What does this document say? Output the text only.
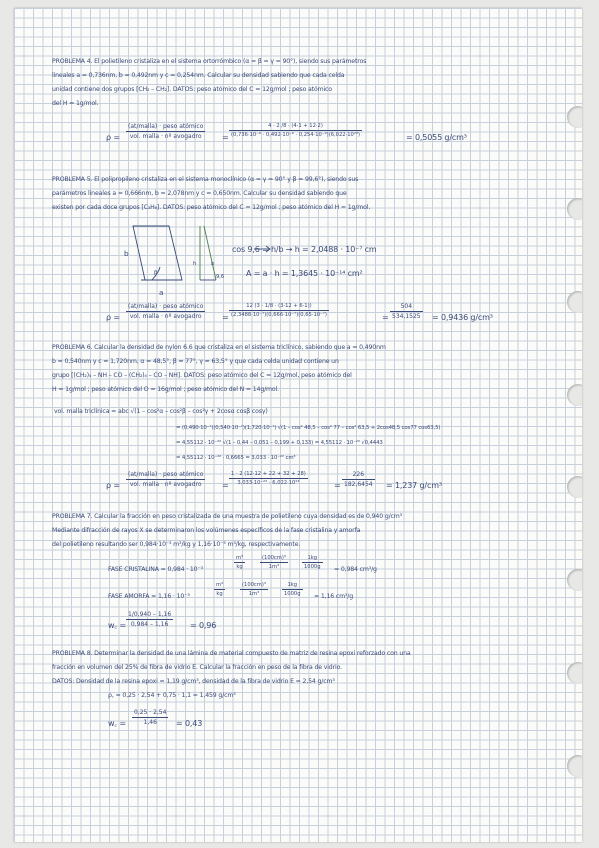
PROBLEMA 4. El polietileno cristaliza en el sistema ortorrómbico (α = β = γ = 90°), siendo sus parámetros
lineales a = 0,736nm, b = 0,492nm y c = 0,254nm. Calcular su densidad sabiendo que cada celda
unidad contiene dos grupos [CH₂ – CH₂]. DATOS: peso atómico del C = 12g/mol ; peso atómico
del H = 1g/mol.
ρ =
(at/malla) · peso atómico
vol. malla · nº avogadro	=
4 · 2 /8 · (4·1 + 12·2)
(0,736·10⁻⁹ · 0,492·10⁻⁹ · 0,254·10⁻⁹)(6,022·10²³)	= 0,5055 g/cm³
PROBLEMA 5. El polipropileno cristaliza en el sistema monoclínico (α = γ = 90° y β = 99,6°), siendo sus
parámetros lineales a = 0,666nm, b = 2,078nm y c = 0,650nm. Calcular su densidad sabiendo que
existen por cada doce grupos [C₃H₆]. DATOS: peso atómico del C = 12g/mol ; peso atómico del H = 1g/mol.
b
a
β
h	b
9,6
cos 9,6 = h/b → h = 2,0488 · 10⁻⁷ cm
A = a · h = 1,3645 · 10⁻¹⁴ cm²
ρ =
(at/malla) · peso atómico
vol. malla · nº avogadro	=
12 (3 · 1/8 · (3·12 + 6·1))
(2,3488·10⁻⁷)(0,666·10⁻⁷)(0,65·10⁻⁷)	=
504
534,1525 = 0,9436 g/cm³
PROBLEMA 6. Calcular la densidad de nylon 6.6 que cristaliza en el sistema triclínico, sabiendo que a = 0,490nm
b = 0,540nm y c = 1,720nm, α = 48,5°, β = 77°, γ = 63,5° y que cada celda unidad contiene un
grupo [(CH₂)₄ – NH – CO – (CH₂)₄ – CO – NH]. DATOS: peso atómico del C = 12g/mol, peso atómico del
H = 1g/mol ; peso atómico del O = 16g/mol ; peso atómico del N = 14g/mol.
vol. malla triclínica = abc √(1 – cos²α – cos²β – cos²γ + 2cosα cosβ cosγ)
= (0,490·10⁻⁷)(0,540·10⁻⁷)(1,720·10⁻⁷) √(1 – cos² 48,5 – cos² 77 – cos² 63,5 + 2cos48,5 cos77 cos63,5)
= 4,55112 · 10⁻²² √(1 – 0,44 – 0,051 – 0,199 + 0,133) = 4,55112 · 10⁻²² √0,4443
= 4,55112 · 10⁻²² · 0,6665 = 3,033 · 10⁻²² cm³
ρ =
(at/malla) · peso atómico
vol. malla · nº avogadro	=
1 · 2 (12·12 + 22 + 32 + 28)
3,033·10⁻²² · 6,022·10²³	=
226
182,6454 = 1,237 g/cm³
PROBLEMA 7. Calcular la fracción en peso cristalizada de una muestra de polietileno cuya densidad es de 0,940 g/cm³
Mediante difracción de rayos X se determinaron los volúmenes específicos de la fase cristalina y amorfa
del polietileno resultando ser 0,984·10⁻³ m³/kg y 1,16·10⁻³ m³/kg, respectivamente.
FASE CRISTALINA = 0,984 · 10⁻³
m³
kg
(100cm)³
1m³
1kg
1000g	= 0,984 cm³/g
FASE AMORFA = 1,16 · 10⁻³
m³
kg
(100cm)³
1m³
1kg
1000g	= 1,16 cm³/g
w꜀ =
1/0,940 – 1,16
0,984 – 1,16	= 0,96
PROBLEMA 8. Determinar la densidad de una lámina de material compuesto de matriz de resina epoxi reforzado con una
fracción en volumen del 25% de fibra de vidrio E. Calcular la fracción en peso de la fibra de vidrio.
DATOS: Densidad de la resina epoxi = 1,19 g/cm³, densidad de la fibra de vidrio E = 2,54 g/cm³
ρ꜀ = 0,25 · 2,54 + 0,75 · 1,1 = 1,459 g/cm³
w꜀ =
0,25 · 2,54
1,46	= 0,43
